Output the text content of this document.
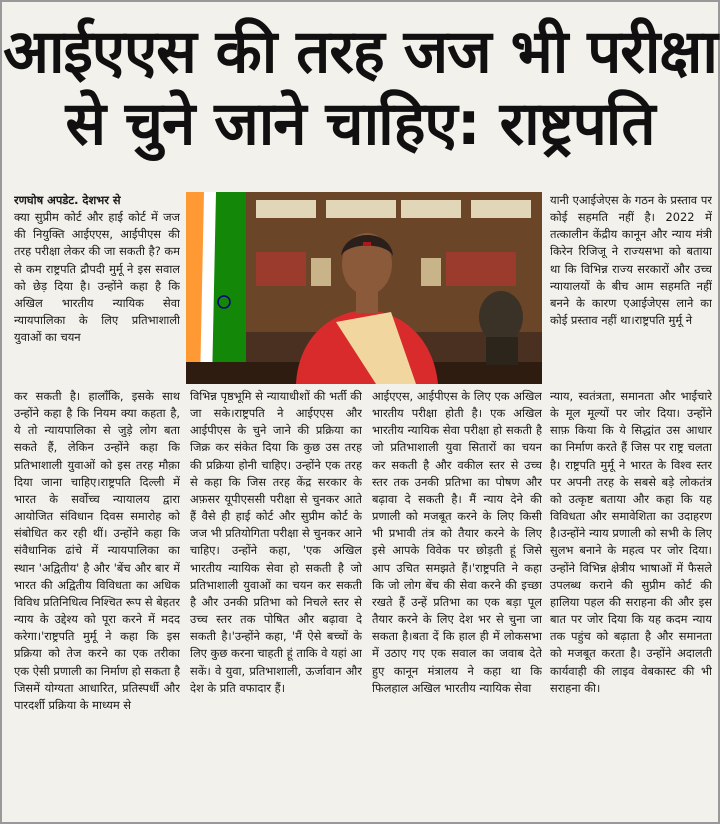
आईएएस की तरह जज भी परीक्षा
से चुने जाने चाहिए: राष्ट्रपति

रणघोष अपडेट. देशभर से

क्या सुप्रीम कोर्ट और हाई कोर्ट में जज की नियुक्ति आईएएस, आईपीएस की तरह परीक्षा लेकर की जा सकती है? कम से कम राष्ट्रपति द्रौपदी मुर्मू ने इस सवाल को छेड़ दिया है। उन्होंने कहा है कि अखिल भारतीय न्यायिक सेवा न्यायपालिका के लिए प्रतिभाशाली युवाओं का चयन

यानी एआईजेएस के गठन के प्रस्ताव पर कोई सहमति नहीं है। 2022 में तत्कालीन केंद्रीय कानून और न्याय मंत्री किरेन रिजिजू ने राज्यसभा को बताया था कि विभिन्न राज्य सरकारों और उच्च न्यायालयों के बीच आम सहमति नहीं बनने के कारण एआईजेएस लाने का कोई प्रस्ताव नहीं था।राष्ट्रपति मुर्मू ने

कर सकती है। हालाँकि, इसके साथ उन्होंने कहा है कि नियम क्या कहता है, ये तो न्यायपालिका से जुड़े लोग बता सकते हैं, लेकिन उन्होंने कहा कि प्रतिभाशाली युवाओं को इस तरह मौक़ा दिया जाना चाहिए।राष्ट्रपति दिल्ली में भारत के सर्वोच्च न्यायालय द्वारा आयोजित संविधान दिवस समारोह को संबोधित कर रही थीं। उन्होंने कहा कि संवैधानिक ढांचे में न्यायपालिका का स्थान 'अद्वितीय' है और 'बेंच और बार में भारत की अद्वितीय विविधता का अधिक विविध प्रतिनिधित्व निश्चित रूप से बेहतर न्याय के उद्देश्य को पूरा करने में मदद करेगा।'राष्ट्रपति मुर्मू ने कहा कि इस प्रक्रिया को तेज करने का एक तरीका एक ऐसी प्रणाली का निर्माण हो सकता है जिसमें योग्यता आधारित, प्रतिस्पर्धी और पारदर्शी प्रक्रिया के माध्यम से

विभिन्न पृष्ठभूमि से न्यायाधीशों की भर्ती की जा सके।राष्ट्रपति ने आईएएस और आईपीएस के चुने जाने की प्रक्रिया का जिक्र कर संकेत दिया कि कुछ उस तरह की प्रक्रिया होनी चाहिए। उन्होंने एक तरह से कहा कि जिस तरह केंद्र सरकार के अफ़सर यूपीएससी परीक्षा से चुनकर आते हैं वैसे ही हाई कोर्ट और सुप्रीम कोर्ट के जज भी प्रतियोगिता परीक्षा से चुनकर आने चाहिए। उन्होंने कहा, 'एक अखिल भारतीय न्यायिक सेवा हो सकती है जो प्रतिभाशाली युवाओं का चयन कर सकती है और उनकी प्रतिभा को निचले स्तर से उच्च स्तर तक पोषित और बढ़ावा दे सकती है।'उन्होंने कहा, 'मैं ऐसे बच्चों के लिए कुछ करना चाहती हूं ताकि वे यहां आ सकें। वे युवा, प्रतिभाशाली, ऊर्जावान और देश के प्रति वफादार हैं।

आईएएस, आईपीएस के लिए एक अखिल भारतीय परीक्षा होती है। एक अखिल भारतीय न्यायिक सेवा परीक्षा हो सकती है जो प्रतिभाशाली युवा सितारों का चयन कर सकती है और वकील स्तर से उच्च स्तर तक उनकी प्रतिभा का पोषण और बढ़ावा दे सकती है। मैं न्याय देने की प्रणाली को मजबूत करने के लिए किसी भी प्रभावी तंत्र को तैयार करने के लिए इसे आपके विवेक पर छोड़ती हूं जिसे आप उचित समझते हैं।'राष्ट्रपति ने कहा कि जो लोग बेंच की सेवा करने की इच्छा रखते हैं उन्हें प्रतिभा का एक बड़ा पूल तैयार करने के लिए देश भर से चुना जा सकता है।बता दें कि हाल ही में लोकसभा में उठाए गए एक सवाल का जवाब देते हुए कानून मंत्रालय ने कहा था कि फिलहाल अखिल भारतीय न्यायिक सेवा

न्याय, स्वतंत्रता, समानता और भाईचारे के मूल मूल्यों पर जोर दिया। उन्होंने साफ़ किया कि ये सिद्धांत उस आधार का निर्माण करते हैं जिस पर राष्ट्र चलता है। राष्ट्रपति मुर्मू ने भारत के विश्व स्तर पर अपनी तरह के सबसे बड़े लोकतंत्र को उत्कृष्ट बताया और कहा कि यह विविधता और समावेशिता का उदाहरण है।उन्होंने न्याय प्रणाली को सभी के लिए सुलभ बनाने के महत्व पर जोर दिया। उन्होंने विभिन्न क्षेत्रीय भाषाओं में फैसले उपलब्ध कराने की सुप्रीम कोर्ट की हालिया पहल की सराहना की और इस बात पर जोर दिया कि यह कदम न्याय तक पहुंच को बढ़ाता है और समानता को मजबूत करता है। उन्होंने अदालती कार्यवाही की लाइव वेबकास्ट की भी सराहना की।
